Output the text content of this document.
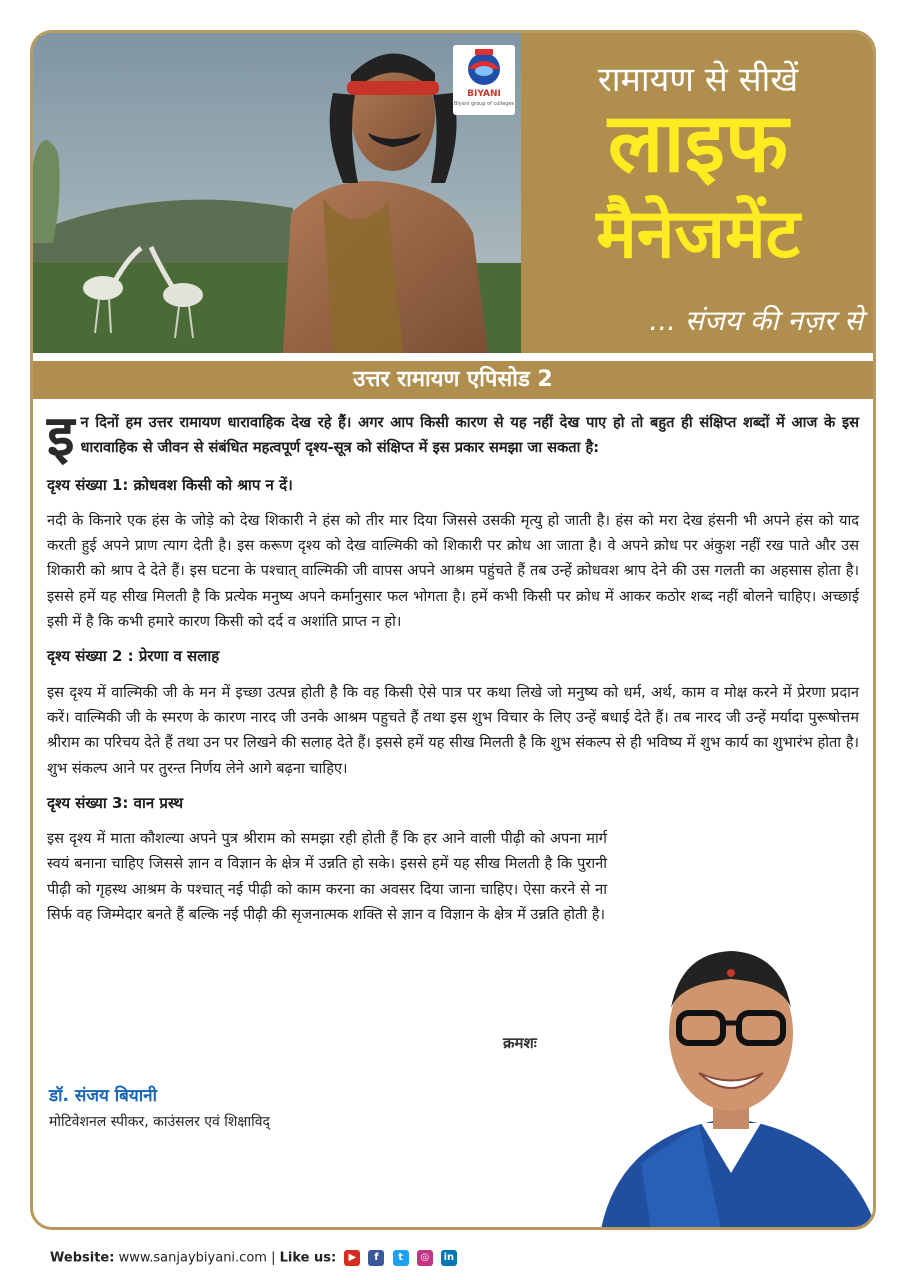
BIYANI
Biyani group of colleges
रामायण से सीखें
लाइफ
मैनेजमेंट
... संजय की नज़र से
उत्तर रामायण एपिसोड 2

इ न दिनों हम उत्तर रामायण धारावाहिक देख रहे हैं। अगर आप किसी कारण से यह नहीं देख पाए हो तो बहुत ही संक्षिप्त शब्दों में आज के इस धारावाहिक से जीवन से संबंधित महत्वपूर्ण दृश्य-सूत्र को संक्षिप्त में इस प्रकार समझा जा सकता है:

दृश्य संख्या 1: क्रोधवश किसी को श्राप न दें।

नदी के किनारे एक हंस के जोड़े को देख शिकारी ने हंस को तीर मार दिया जिससे उसकी मृत्यु हो जाती है। हंस को मरा देख हंसनी भी अपने हंस को याद करती हुई अपने प्राण त्याग देती है। इस करूण दृश्य को देख वाल्मिकी को शिकारी पर क्रोध आ जाता है। वे अपने क्रोध पर अंकुश नहीं रख पाते और उस शिकारी को श्राप दे देते हैं। इस घटना के पश्चात् वाल्मिकी जी वापस अपने आश्रम पहुंचते हैं तब उन्हें क्रोधवश श्राप देने की उस गलती का अहसास होता है। इससे हमें यह सीख मिलती है कि प्रत्येक मनुष्य अपने कर्मानुसार फल भोगता है। हमें कभी किसी पर क्रोध में आकर कठोर शब्द नहीं बोलने चाहिए। अच्छाई इसी में है कि कभी हमारे कारण किसी को दर्द व अशांति प्राप्त न हो।

दृश्य संख्या 2 : प्रेरणा व सलाह

इस दृश्य में वाल्मिकी जी के मन में इच्छा उत्पन्न होती है कि वह किसी ऐसे पात्र पर कथा लिखे जो मनुष्य को धर्म, अर्थ, काम व मोक्ष करने में प्रेरणा प्रदान करें। वाल्मिकी जी के स्मरण के कारण नारद जी उनके आश्रम पहुचते हैं तथा इस शुभ विचार के लिए उन्हें बधाई देते हैं। तब नारद जी उन्हें मर्यादा पुरूषोत्तम श्रीराम का परिचय देते हैं तथा उन पर लिखने की सलाह देते हैं। इससे हमें यह सीख मिलती है कि शुभ संकल्प से ही भविष्य में शुभ कार्य का शुभारंभ होता है। शुभ संकल्प आने पर तुरन्त निर्णय लेने आगे बढ़ना चाहिए।

दृश्य संख्या 3: वान प्रस्थ

इस दृश्य में माता कौशल्या अपने पुत्र श्रीराम को समझा रही होती हैं कि हर आने वाली पीढ़ी को अपना मार्ग स्वयं बनाना चाहिए जिससे ज्ञान व विज्ञान के क्षेत्र में उन्नति हो सके। इससे हमें यह सीख मिलती है कि पुरानी पीढ़ी को गृहस्थ आश्रम के पश्चात् नई पीढ़ी को काम करना का अवसर दिया जाना चाहिए। ऐसा करने से ना सिर्फ वह जिम्मेदार बनते हैं बल्कि नई पीढ़ी की सृजनात्मक शक्ति से ज्ञान व विज्ञान के क्षेत्र में उन्नति होती है।

क्रमशः
डॉ. संजय बियानी
मोटिवेशनल स्पीकर, काउंसलर एवं शिक्षाविद्
Website: www.sanjaybiyani.com | Like us: ▶ f t ◎ in
